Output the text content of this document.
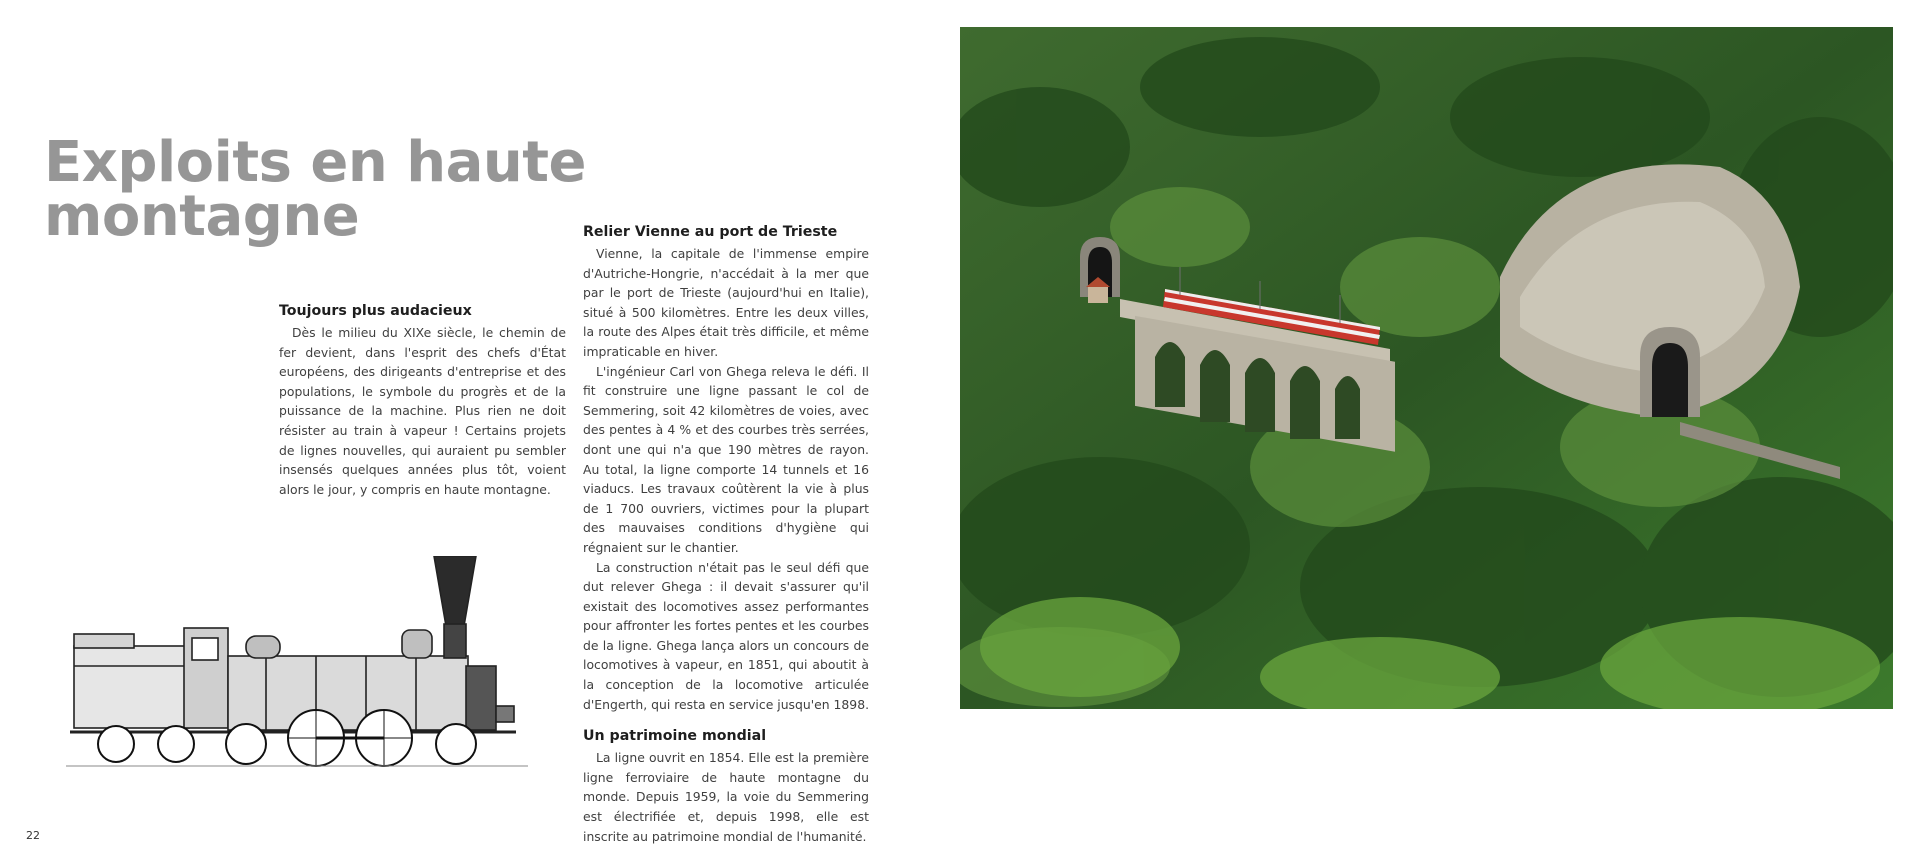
Exploits en haute
montagne
Toujours plus audacieux

Dès le milieu du XIXe siècle, le chemin de fer devient, dans l'esprit des chefs d'État européens, des dirigeants d'entreprise et des populations, le symbole du progrès et de la puissance de la machine. Plus rien ne doit résister au train à vapeur ! Certains projets de lignes nouvelles, qui auraient pu sembler insensés quelques années plus tôt, voient alors le jour, y compris en haute montagne.

Relier Vienne au port de Trieste

Vienne, la capitale de l'immense empire d'Autriche-Hongrie, n'accédait à la mer que par le port de Trieste (aujourd'hui en Italie), situé à 500 kilomètres. Entre les deux villes, la route des Alpes était très difficile, et même impraticable en hiver.

L'ingénieur Carl von Ghega releva le défi. Il fit construire une ligne passant le col de Semmering, soit 42 kilomètres de voies, avec des pentes à 4 % et des courbes très serrées, dont une qui n'a que 190 mètres de rayon. Au total, la ligne comporte 14 tunnels et 16 viaducs. Les travaux coûtèrent la vie à plus de 1 700 ouvriers, victimes pour la plupart des mauvaises conditions d'hygiène qui régnaient sur le chantier.

La construction n'était pas le seul défi que dut relever Ghega : il devait s'assurer qu'il existait des locomotives assez performantes pour affronter les fortes pentes et les courbes de la ligne. Ghega lança alors un concours de locomotives à vapeur, en 1851, qui aboutit à la conception de la locomotive articulée d'Engerth, qui resta en service jusqu'en 1898.

Un patrimoine mondial

La ligne ouvrit en 1854. Elle est la première ligne ferroviaire de haute montagne du monde. Depuis 1959, la voie du Semmering est électrifiée et, depuis 1998, elle est inscrite au patrimoine mondial de l'humanité.

22
